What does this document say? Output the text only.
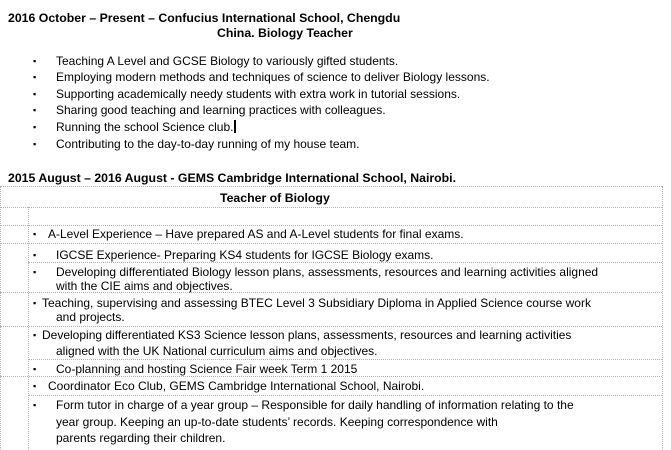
2016 October – Present – Confucius International School, Chengdu
China. Biology Teacher
▪ Teaching A Level and GCSE Biology to variously gifted students.
▪ Employing modern methods and techniques of science to deliver Biology lessons.
▪ Supporting academically needy students with extra work in tutorial sessions.
▪ Sharing good teaching and learning practices with colleagues.
▪ Running the school Science club.
▪ Contributing to the day-to-day running of my house team.
2015 August – 2016 August - GEMS Cambridge International School, Nairobi.
Teacher of Biology
▪ A-Level Experience – Have prepared AS and A-Level students for final exams.
▪ IGCSE Experience- Preparing KS4 students for IGCSE Biology exams.
▪ Developing differentiated Biology lesson plans, assessments, resources and learning activities aligned
with the CIE aims and objectives.
▪ Teaching, supervising and assessing BTEC Level 3 Subsidiary Diploma in Applied Science course work
and projects.
▪ Developing differentiated KS3 Science lesson plans, assessments, resources and learning activities
aligned with the UK National curriculum aims and objectives.
▪ Co-planning and hosting Science Fair week Term 1 2015
▪ Coordinator Eco Club, GEMS Cambridge International School, Nairobi.
▪ Form tutor in charge of a year group – Responsible for daily handling of information relating to the
year group. Keeping an up-to-date students’ records. Keeping correspondence with
parents regarding their children.
